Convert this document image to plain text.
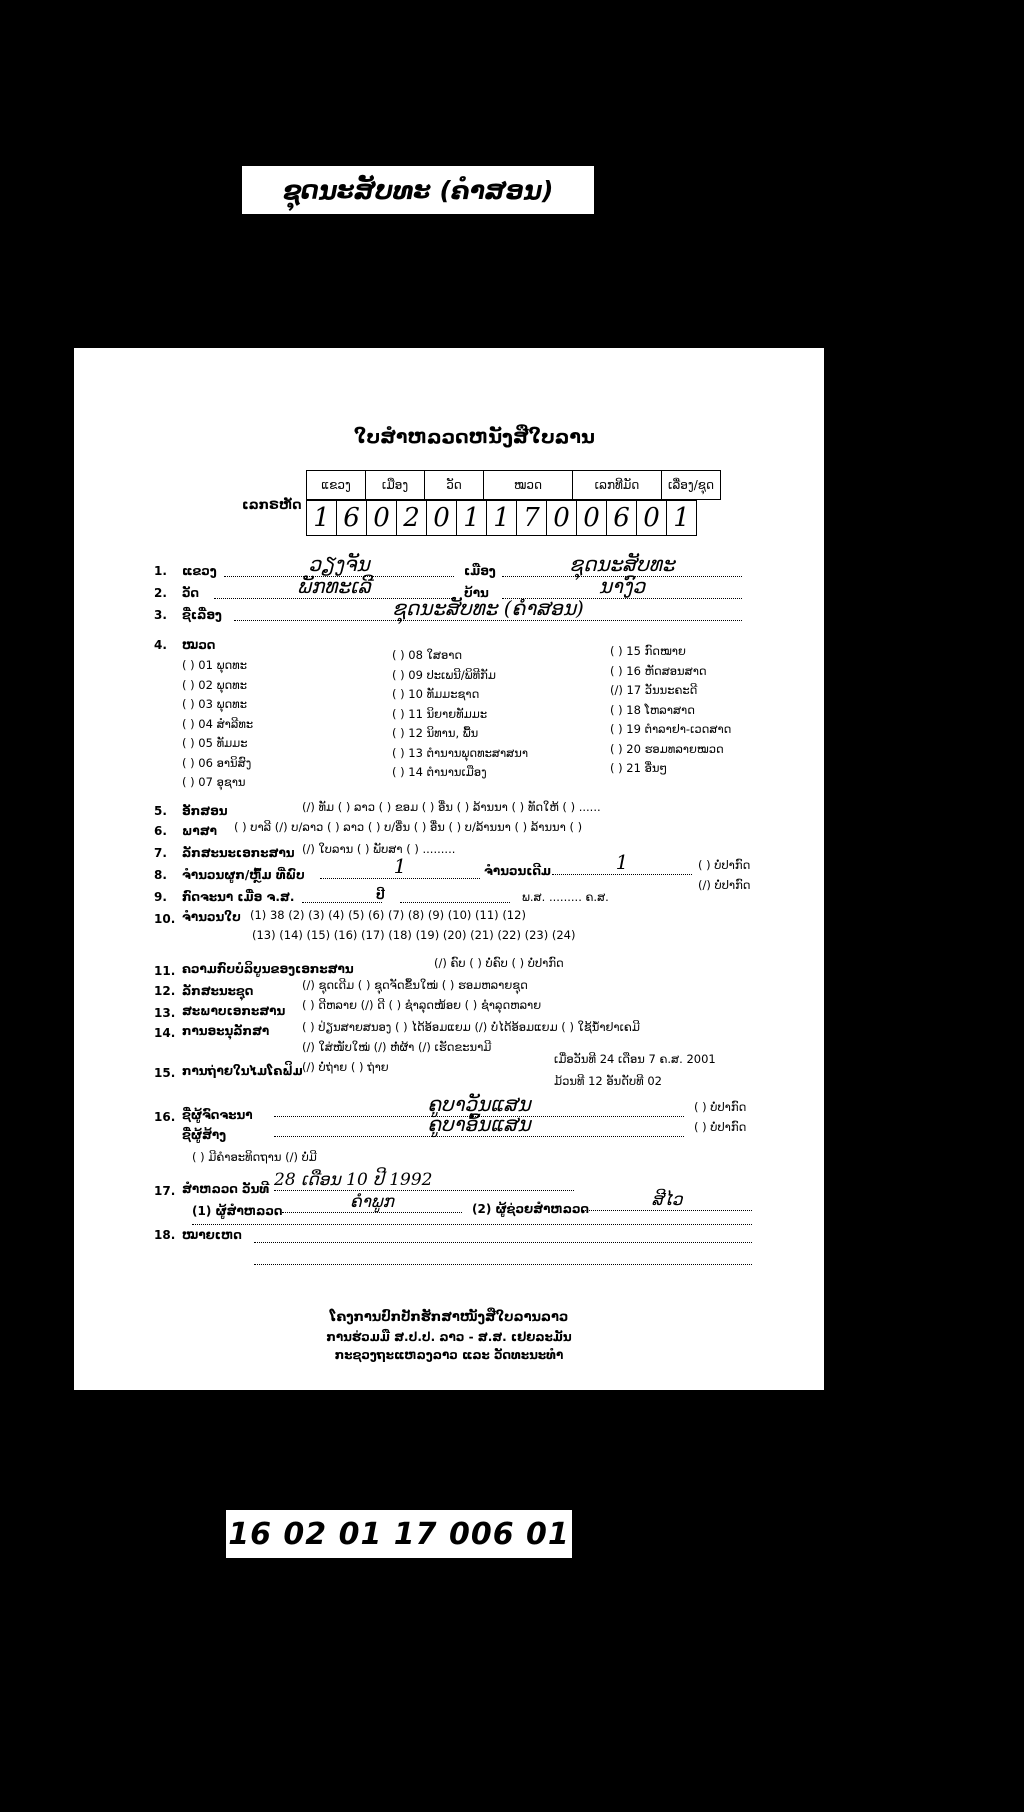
ຊຸດນະສັບທະ (ຄຳສອນ)
ໃບສຳຫລວດຫນັງສືໃບລານ
ເລກຣຫັດ
ແຂວງ	ເມືອງ	ວັດ	ໝວດ	ເລກທີມັດ	ເລື່ອງ/ຊຸດ
1	6	0	2	0	1	1	7	0	0	6	0	1
1. ແຂວງ	ວຽງຈັນ	ເມືອງ	ຊຸດນະສັບທະ
2. ວັດ	ພັກທະເລີ	ບ້ານ	ນາງົວ
3. ຊື່ເລື່ອງ	ຊຸດນະສັບທະ (ຄຳສອນ)
4. ໝວດ
( ) 01 ພຸດທະ
( ) 02 ພຸດທະ
( ) 03 ພຸດທະ
( ) 04 ສຳລີທະ
( ) 05 ທັມມະ
( ) 06 ອານິສົງ
( ) 07 ອຸຊານ
( ) 08 ໃສອາດ
( ) 09 ປະເພນີ/ພິທີກັມ
( ) 10 ທັມມະຊາດ
( ) 11 ນິຍາຍທັມມະ
( ) 12 ນິທານ, ພື້ນ
( ) 13 ຕຳນານພຸດທະສາສນາ
( ) 14 ຕຳນານເມືອງ
( ) 15 ກົດໝາຍ
( ) 16 ຫັດສອນສາດ
(/) 17 ວັນນະຄະດີ
( ) 18 ໂຫລາສາດ
( ) 19 ຕຳລາຢາ-ເວດສາດ
( ) 20 ຮອມທລາຍໝວດ
( ) 21 ອື່ນໆ
5. ອັກສອນ	(/) ທັມ ( ) ລາວ ( ) ຂອມ ( ) ອື່ນ ( ) ລ້ານນາ ( ) ທັດໃຫ້ ( ) ......
6. ພາສາ ( ) ບາລີ (/) ບ/ລາວ ( ) ລາວ ( ) ບ/ອື່ນ ( ) ອື່ນ ( ) ບ/ລ້ານນາ ( ) ລ້ານນາ ( )
7. ລັກສະນະເອກະສານ (/) ໃບລານ ( ) ພັບສາ ( ) .........
8. ຈຳນວນຜູກ/ຫຼົ້ມ ທີ່ພົບ	1	ຈຳນວນເດີມ	1	( ) ບໍ່ປາກົດ
9. ກົດຈະນາ ເມື່ອ ຈ.ສ.	ປີ	ພ.ສ. ......... ຄ.ສ.
(/) ບໍ່ປາກົດ
10. ຈຳນວນໃບ (1) 38 (2) (3) (4) (5) (6) (7) (8) (9) (10) (11) (12)
(13) (14) (15) (16) (17) (18) (19) (20) (21) (22) (23) (24)
11. ຄວາມກົບບໍລິບູນຂອງເອກະສານ	(/) ຄົບ ( ) ບໍ່ຄົບ ( ) ບໍ່ປາກົດ
12. ລັກສະນະຊຸດ	(/) ຊຸດເດີມ ( ) ຊຸດຈັດຂຶ້ນໃໝ່ ( ) ຮອມຫລາຍຊຸດ
13. ສະພາບເອກະສານ ( ) ດີຫລາຍ (/) ດີ ( ) ຊຳລຸດໜ້ອຍ ( ) ຊຳລຸດຫລາຍ
14. ການອະນຸລັກສາ	( ) ປ່ຽນສາຍສນອງ ( ) ໄດ້ອ້ອມແຍມ (/) ບໍ່ໄດ້ອ້ອມແຍມ ( ) ໃຊ້ນ້ຳຢາເຄມີ
(/) ໃສ່ໜັບໃໝ່ (/) ຫໍ່ຜ້າ (/) ເຮັດຂະນາມີ
15. ການຖ່າຍໃນໄມໂຄຟິມ (/) ບໍ່ຖ່າຍ ( ) ຖ່າຍ
ເມື່ອວັນທີ 24 ເດືອນ 7 ຄ.ສ. 2001
ມ້ວນທີ 12 ອັນດັບທີ 02
16. ຊື່ຜູ້ຈົດຈະນາ	ຄູບາວັນແສນ	( ) ບໍ່ປາກົດ
ຊື່ຜູ້ສ້າງ	ຄູບາອົ້ນແສນ	( ) ບໍ່ປາກົດ
( ) ມີຄຳອະທິດຖານ (/) ບໍ່ມີ
17. ສຳຫລວດ ວັນທີ 28 ເດືອນ 10 ປີ 1992
(1) ຜູ້ສຳຫລວດ	ຄຳພູກ	(2) ຜູ້ຊ່ວຍສຳຫລວດ	ສີໄວ
18. ໝາຍເຫດ
ໂຄງການປົກປັກຮັກສາໜັງສືໃບລານລາວ
ການຮ່ວມມື ສ.ປ.ປ. ລາວ - ສ.ສ. ເຢຍລະມັນ
ກະຊວງຖະແຫລງລາວ ແລະ ວັດທະນະທຳ
16 02 01 17 006 01
